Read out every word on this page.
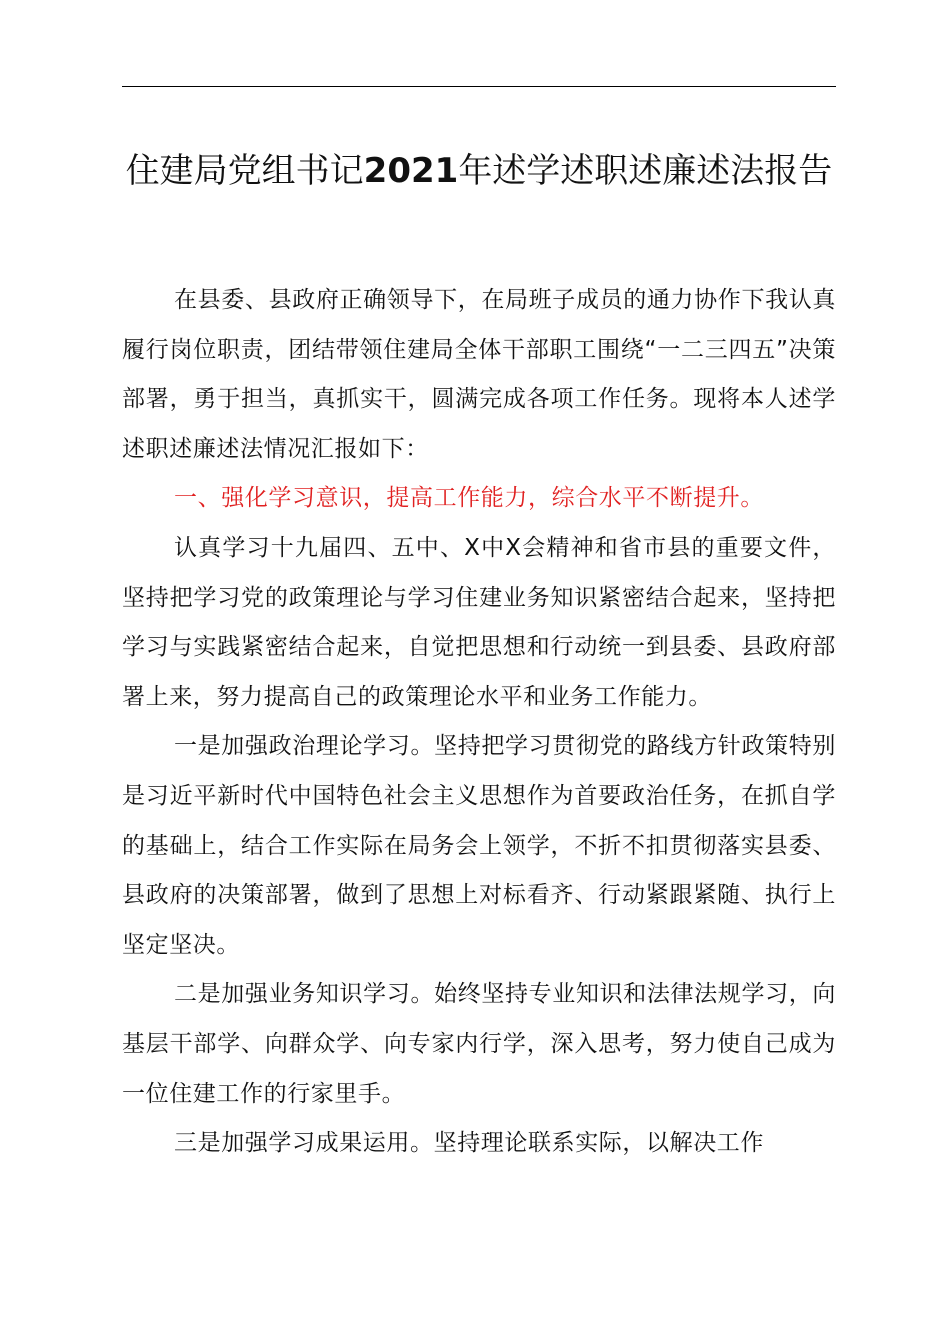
住建局党组书记2021年述学述职述廉述法报告

在县委、县政府正确领导下，在局班子成员的通力协作下我认真履行岗位职责，团结带领住建局全体干部职工围绕“一二三四五”决策部署，勇于担当，真抓实干，圆满完成各项工作任务。现将本人述学述职述廉述法情况汇报如下：

一、强化学习意识，提高工作能力，综合水平不断提升。

认真学习十九届四、五中、X中X会精神和省市县的重要文件，坚持把学习党的政策理论与学习住建业务知识紧密结合起来，坚持把学习与实践紧密结合起来，自觉把思想和行动统一到县委、县政府部署上来，努力提高自己的政策理论水平和业务工作能力。

一是加强政治理论学习。坚持把学习贯彻党的路线方针政策特别是习近平新时代中国特色社会主义思想作为首要政治任务，在抓自学的基础上，结合工作实际在局务会上领学，不折不扣贯彻落实县委、县政府的决策部署，做到了思想上对标看齐、行动紧跟紧随、执行上坚定坚决。

二是加强业务知识学习。始终坚持专业知识和法律法规学习，向基层干部学、向群众学、向专家内行学，深入思考，努力使自己成为一位住建工作的行家里手。

三是加强学习成果运用。坚持理论联系实际，以解决工作
